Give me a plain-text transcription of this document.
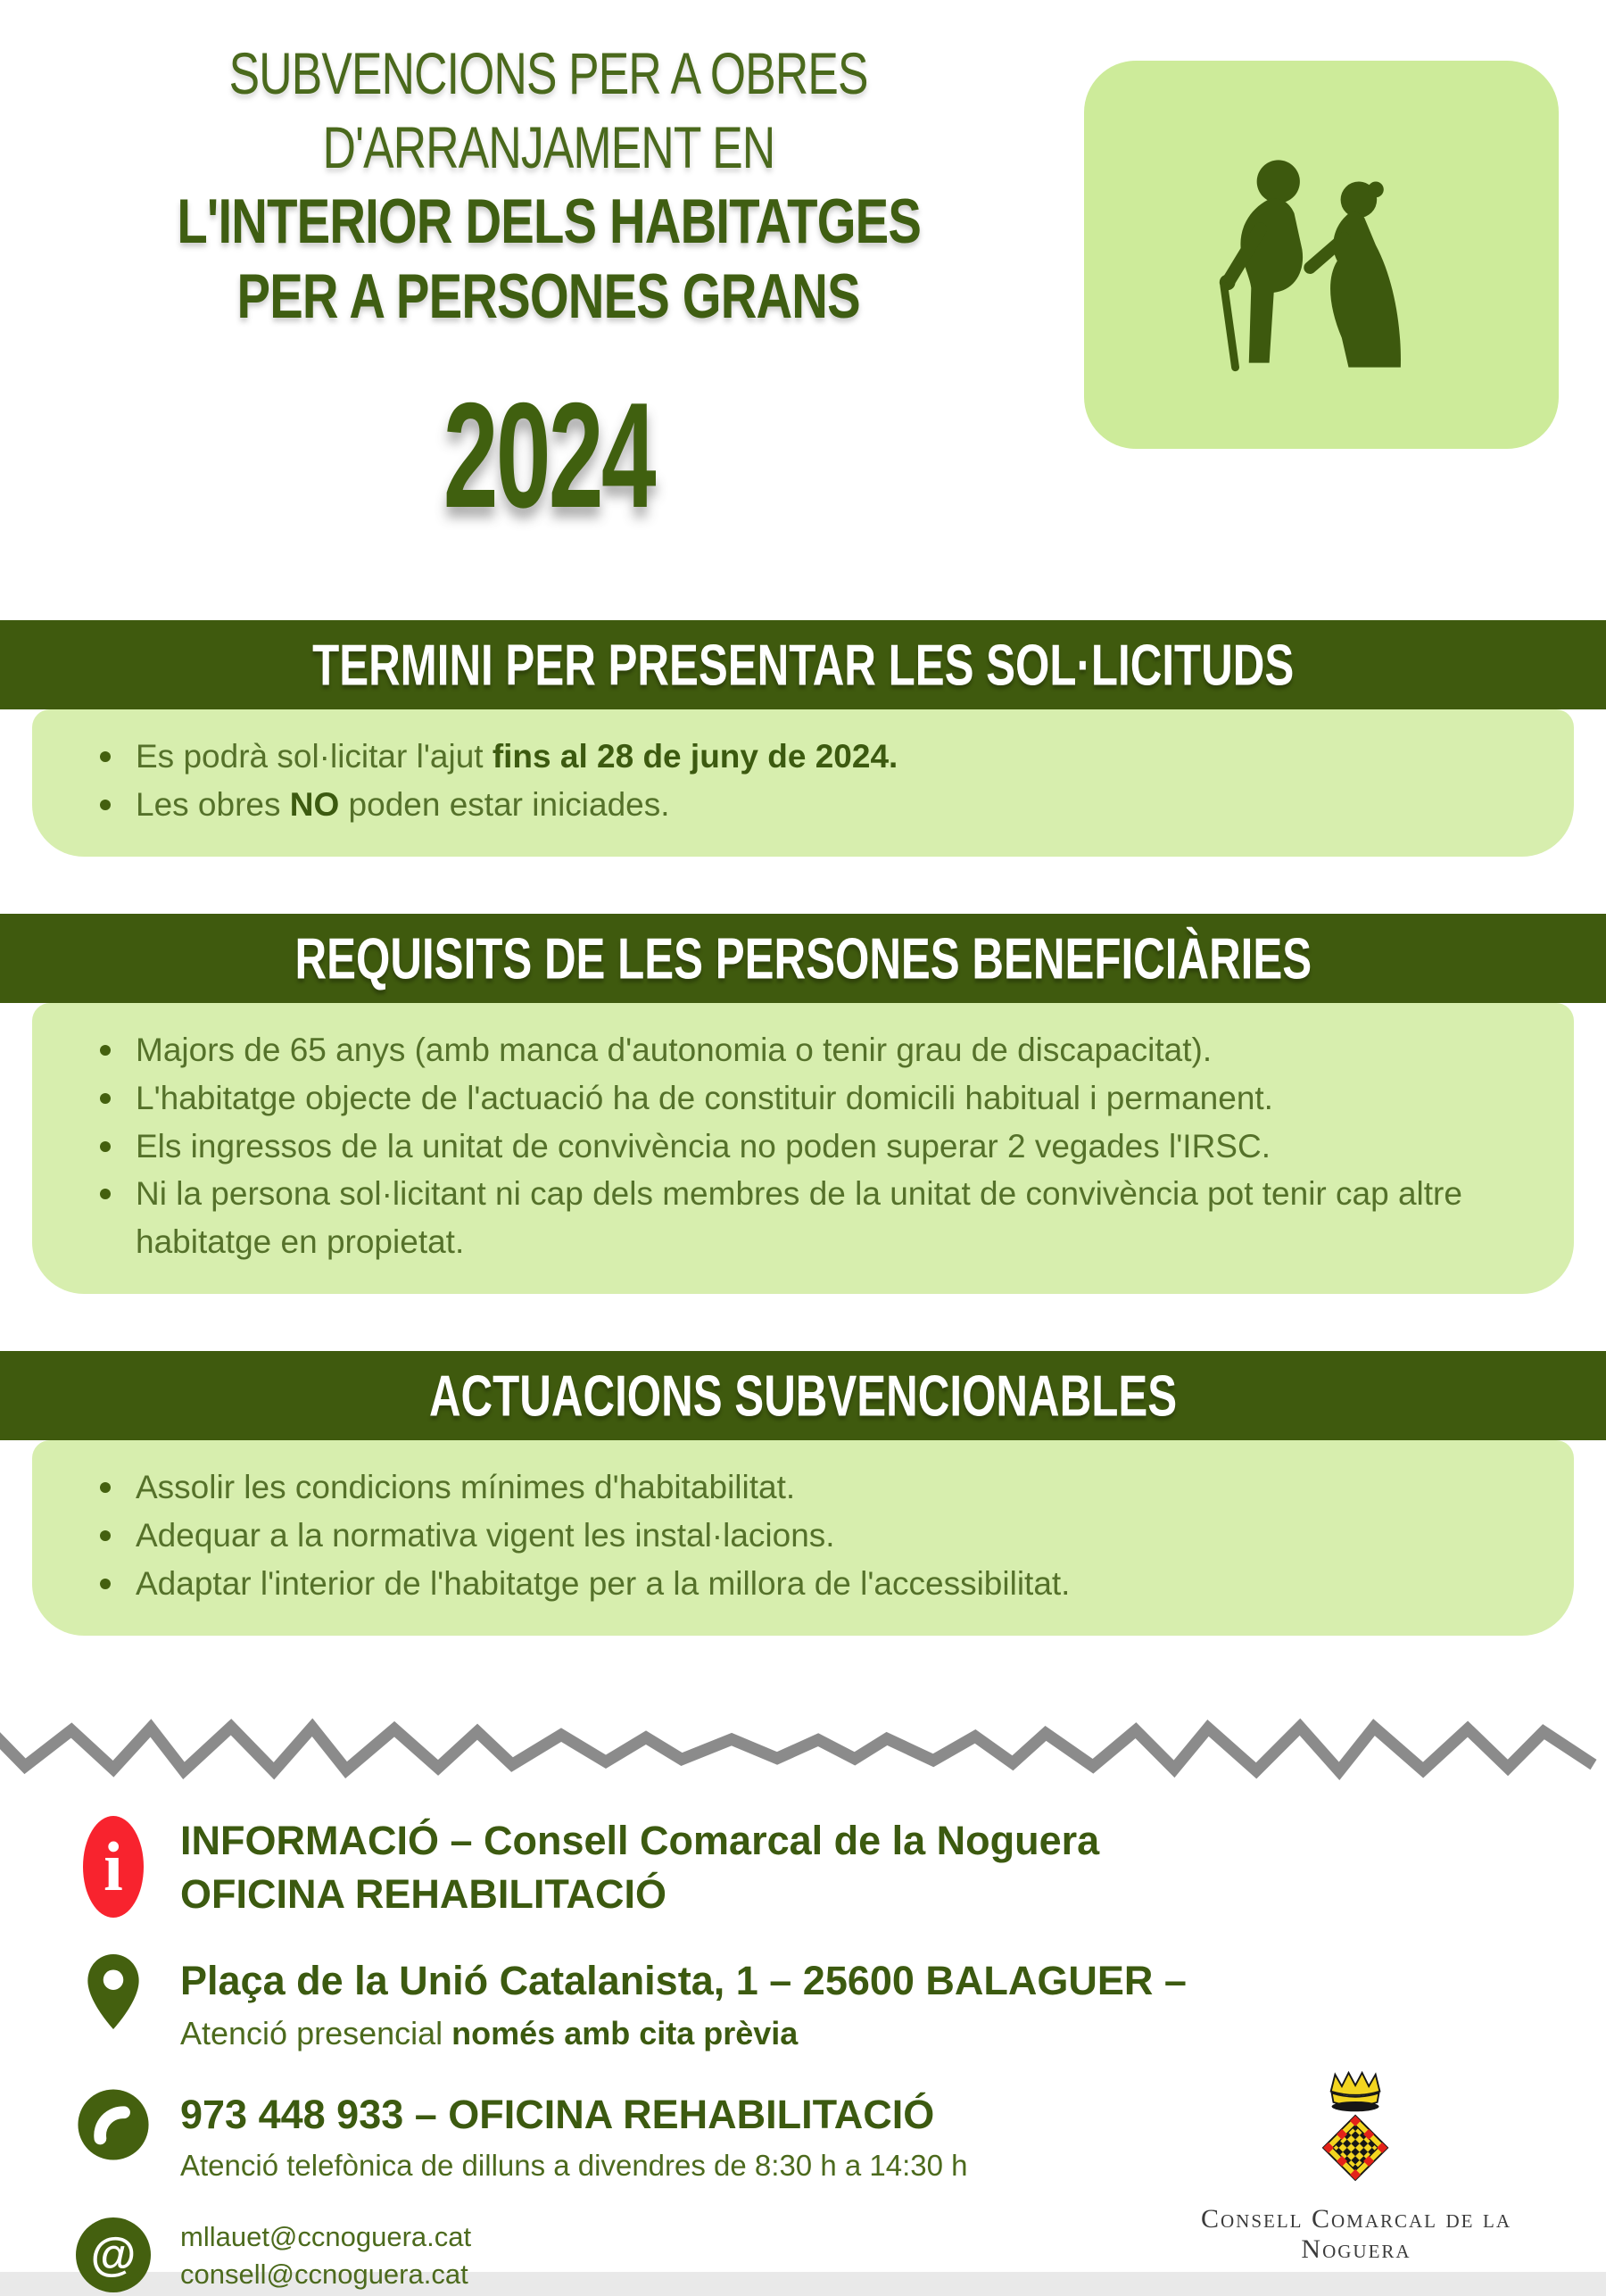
SUBVENCIONS PER A OBRES
D'ARRANJAMENT EN
L'INTERIOR DELS HABITATGES
PER A PERSONES GRANS
2024
TERMINI PER PRESENTAR LES SOL·LICITUDS

Es podrà sol·licitar l'ajut fins al 28 de juny de 2024.

Les obres NO poden estar iniciades.

REQUISITS DE LES PERSONES BENEFICIÀRIES

Majors de 65 anys (amb manca d'autonomia o tenir grau de discapacitat).

L'habitatge objecte de l'actuació ha de constituir domicili habitual i permanent.

Els ingressos de la unitat de convivència no poden superar 2 vegades l'IRSC.

Ni la persona sol·licitant ni cap dels membres de la unitat de convivència pot tenir cap altre habitatge en propietat.

ACTUACIONS SUBVENCIONABLES

Assolir les condicions mínimes d'habitabilitat.

Adequar a la normativa vigent les instal·lacions.

Adaptar l'interior de l'habitatge per a la millora de l'accessibilitat.

i INFORMACIÓ – Consell Comarcal de la Noguera

OFICINA REHABILITACIÓ

Plaça de la Unió Catalanista, 1 – 25600 BALAGUER –

Atenció presencial només amb cita prèvia

973 448 933 – OFICINA REHABILITACIÓ

Atenció telefònica de dilluns a divendres de 8:30 h a 14:30 h

@ mllauet@ccnoguera.cat
consell@ccnoguera.cat

Consell Comarcal de la Noguera
